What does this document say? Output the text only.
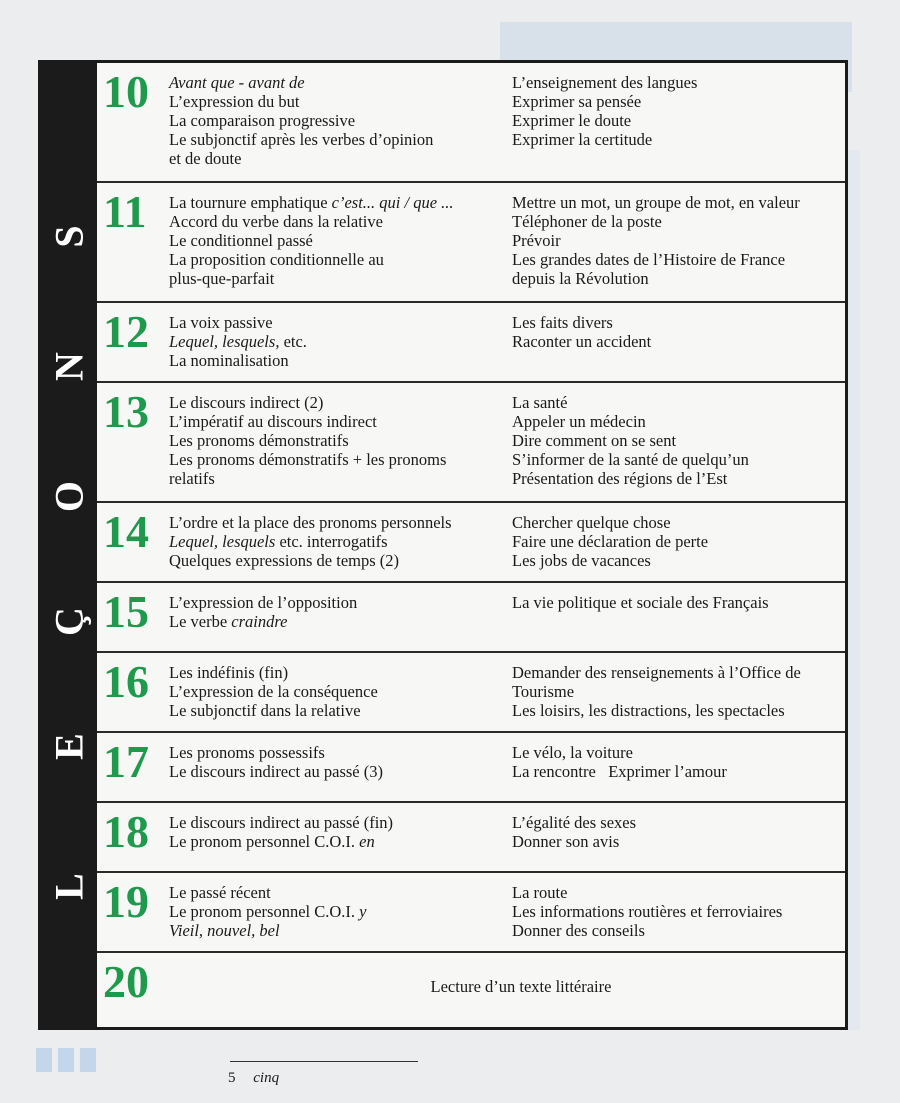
L
E
Ç
O
N
S
10 Avant que - avant de
L’expression du but
La comparaison progressive
Le subjonctif après les verbes d’opinion
et de doute
L’enseignement des langues
Exprimer sa pensée
Exprimer le doute
Exprimer la certitude
11 La tournure emphatique c’est... qui / que ...
Accord du verbe dans la relative
Le conditionnel passé
La proposition conditionnelle au
plus-que-parfait
Mettre un mot, un groupe de mot, en valeur
Téléphoner de la poste
Prévoir
Les grandes dates de l’Histoire de France
depuis la Révolution
12 La voix passive
Lequel, lesquels, etc.
La nominalisation
Les faits divers
Raconter un accident
13 Le discours indirect (2)
L’impératif au discours indirect
Les pronoms démonstratifs
Les pronoms démonstratifs + les pronoms
relatifs
La santé
Appeler un médecin
Dire comment on se sent
S’informer de la santé de quelqu’un
Présentation des régions de l’Est
14 L’ordre et la place des pronoms personnels
Lequel, lesquels etc. interrogatifs
Quelques expressions de temps (2)
Chercher quelque chose
Faire une déclaration de perte
Les jobs de vacances
15 L’expression de l’opposition
Le verbe craindre
La vie politique et sociale des Français
16 Les indéfinis (fin)
L’expression de la conséquence
Le subjonctif dans la relative
Demander des renseignements à l’Office de
Tourisme
Les loisirs, les distractions, les spectacles
17 Les pronoms possessifs
Le discours indirect au passé (3)
Le vélo, la voiture
La rencontre   Exprimer l’amour
18 Le discours indirect au passé (fin)
Le pronom personnel C.O.I. en
L’égalité des sexes
Donner son avis
19 Le passé récent
Le pronom personnel C.O.I. y
Vieil, nouvel, bel
La route
Les informations routières et ferroviaires
Donner des conseils
20	Lecture d’un texte littéraire
5 cinq
